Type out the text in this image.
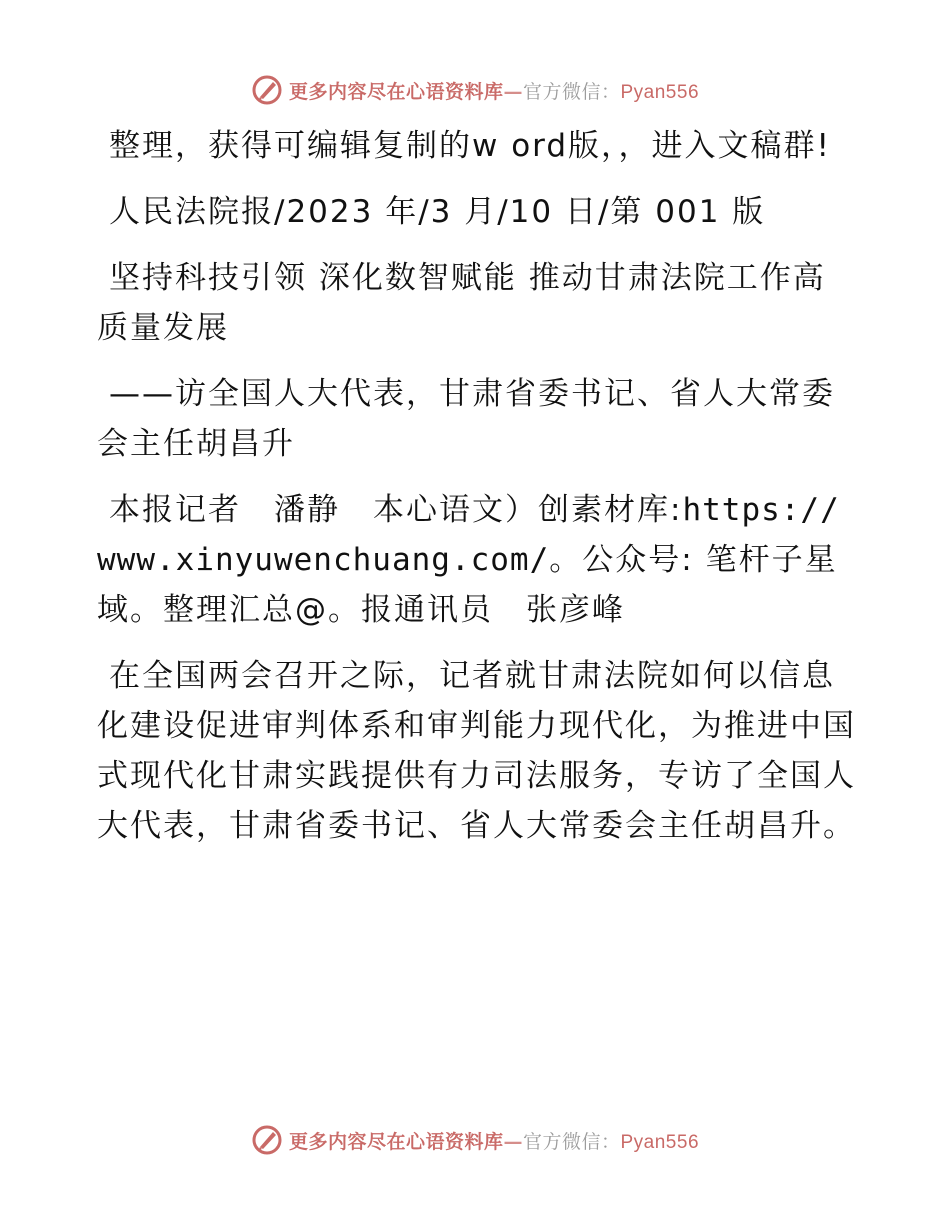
更多内容尽在心语资料库—官方微信：Pyan556

整理，获得可编辑复制的w ord版，，进入文稿群!

人民法院报/2023 年/3 月/10 日/第 001 版

坚持科技引领 深化数智赋能 推动甘肃法院工作高质量发展

——访全国人大代表，甘肃省委书记、省人大常委会主任胡昌升

本报记者　潘静　本心语文）创素材库:https://www.xinyuwenchuang.com/。公众号: 笔杆子星域。整理汇总@。报通讯员　张彦峰

在全国两会召开之际，记者就甘肃法院如何以信息化建设促进审判体系和审判能力现代化，为推进中国式现代化甘肃实践提供有力司法服务，专访了全国人大代表，甘肃省委书记、省人大常委会主任胡昌升。

更多内容尽在心语资料库—官方微信：Pyan556
